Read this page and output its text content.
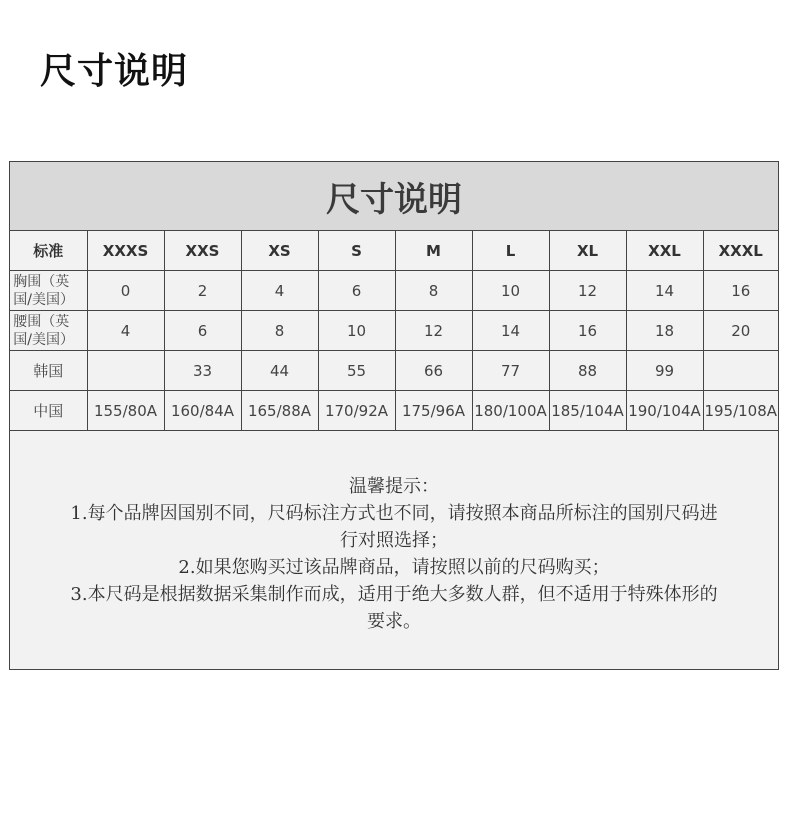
尺寸说明
尺寸说明
标准	XXXS	XXS	XS	S	M	L	XL	XXL	XXXL

胸围（英国/美国）	0	2	4	6	8	10	12	14	16

腰围（英国/美国）	4	6	8	10	12	14	16	18	20
韩国		33	44	55	66	77	88	99	
中国	155/80A	160/84A	165/88A	170/92A	175/96A	180/100A	185/104A	190/104A	195/108A
温馨提示：
1.每个品牌因国别不同，尺码标注方式也不同，请按照本商品所标注的国别尺码进行对照选择；
2.如果您购买过该品牌商品，请按照以前的尺码购买；
3.本尺码是根据数据采集制作而成，适用于绝大多数人群，但不适用于特殊体形的要求。
